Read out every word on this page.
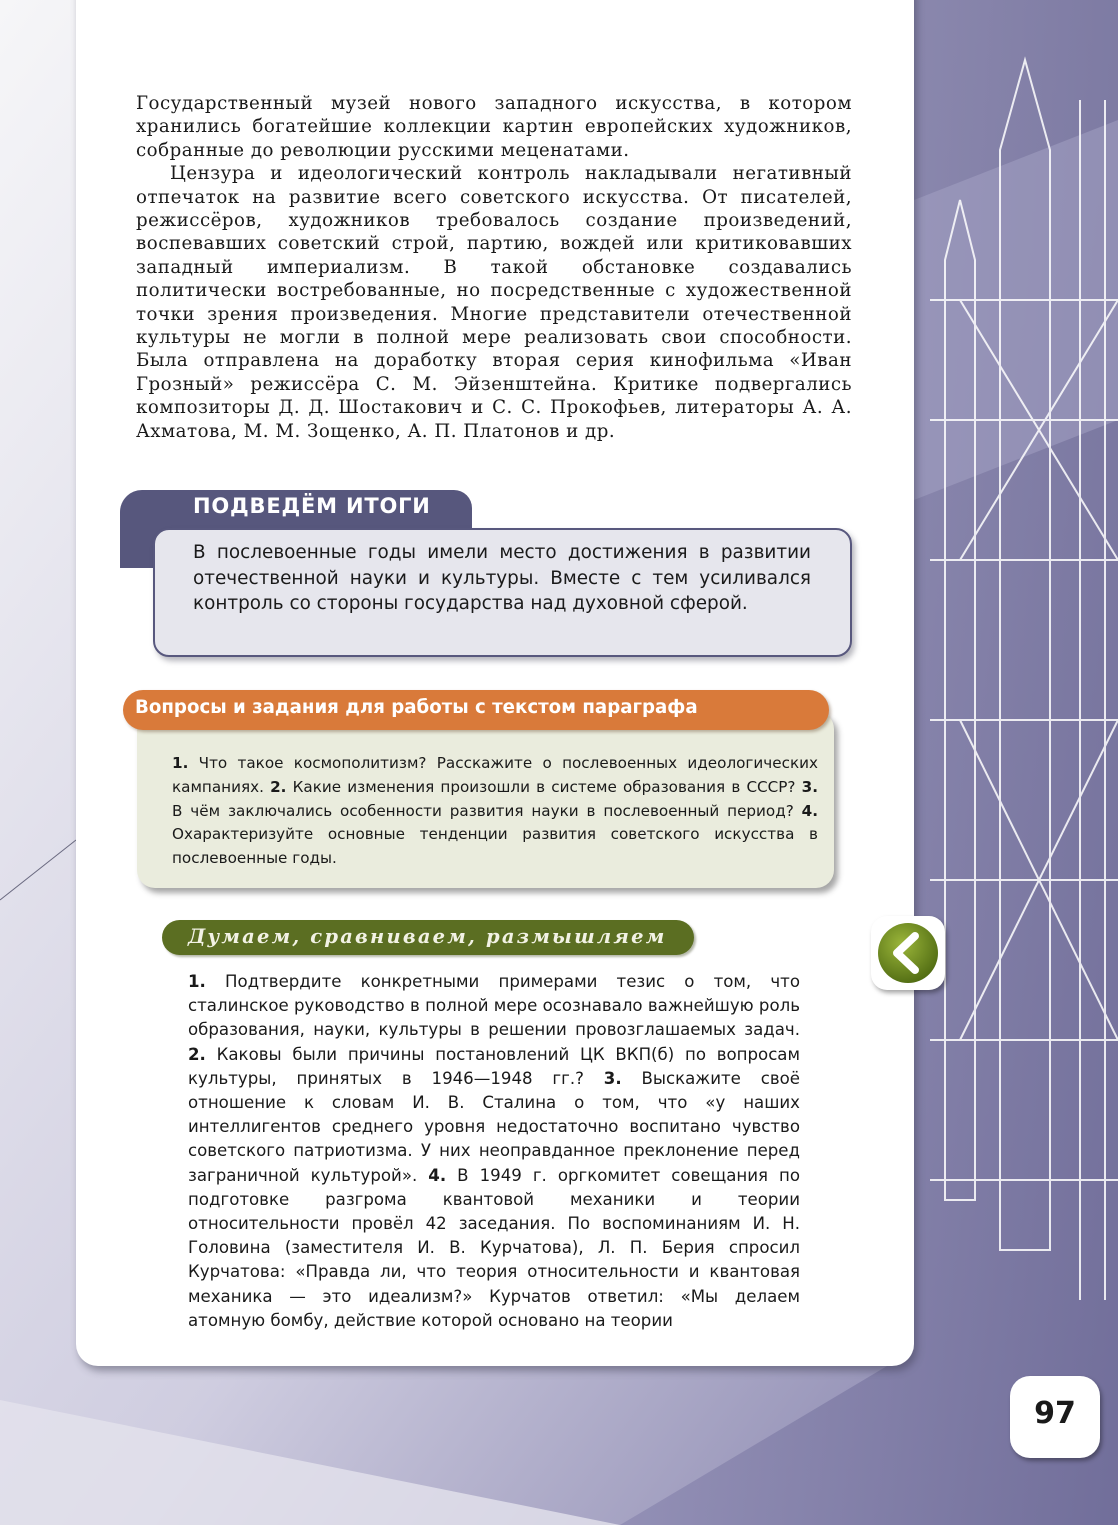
Государственный музей нового западного искусства, в котором хранились богатейшие коллекции картин европейских художников, собранные до революции русскими меценатами.

Цензура и идеологический контроль накладывали негативный отпечаток на развитие всего советского искусства. От писателей, режиссёров, художников требовалось создание произведений, воспевавших советский строй, партию, вождей или критиковавших западный империализм. В такой обстановке создавались политически востребованные, но посредственные с художественной точки зрения произведения. Многие представители отечественной культуры не могли в полной мере реализовать свои способности. Была отправлена на доработку вторая серия кинофильма «Иван Грозный» режиссёра С. М. Эйзенштейна. Критике подвергались композиторы Д. Д. Шостакович и С. С. Прокофьев, литераторы А. А. Ахматова, М. М. Зощенко, А. П. Платонов и др.

ПОДВЕДЁМ ИТОГИ
В послевоенные годы имели место достижения в развитии отечественной науки и культуры. Вместе с тем усиливался контроль со стороны государства над духовной сферой.
Вопросы и задания для работы с текстом параграфа
1. Что такое космополитизм? Расскажите о послевоенных идеологических кампаниях. 2. Какие изменения произошли в системе образования в СССР? 3. В чём заключались особенности развития науки в послевоенный период? 4. Охарактеризуйте основные тенденции развития советского искусства в послевоенные годы.
Думаем, сравниваем, размышляем
1. Подтвердите конкретными примерами тезис о том, что сталинское руководство в полной мере осознавало важнейшую роль образования, науки, культуры в решении провозглашаемых задач. 2. Каковы были причины постановлений ЦК ВКП(б) по вопросам культуры, принятых в 1946—1948 гг.? 3. Выскажите своё отношение к словам И. В. Сталина о том, что «у наших интеллигентов среднего уровня недостаточно воспитано чувство советского патриотизма. У них неоправданное преклонение перед заграничной культурой». 4. В 1949 г. оргкомитет совещания по подготовке разгрома квантовой механики и теории относительности провёл 42 заседания. По воспоминаниям И. Н. Головина (заместителя И. В. Курчатова), Л. П. Берия спросил Курчатова: «Правда ли, что теория относительности и квантовая механика — это идеализм?» Курчатов ответил: «Мы делаем атомную бомбу, действие которой основано на теории
97
